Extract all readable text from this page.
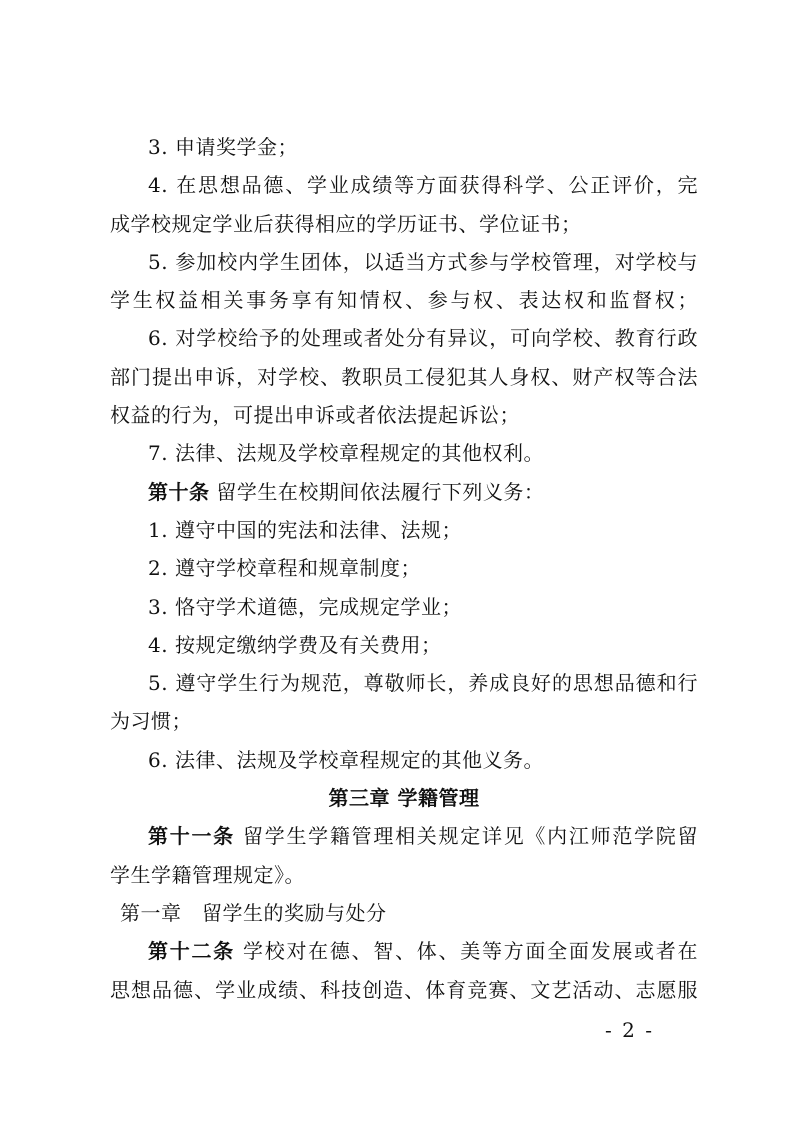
3. 申请奖学金；
4. 在思想品德、学业成绩等方面获得科学、公正评价，完
成学校规定学业后获得相应的学历证书、学位证书；
5. 参加校内学生团体，以适当方式参与学校管理，对学校与
学生权益相关事务享有知情权、参与权、表达权和监督权；
6. 对学校给予的处理或者处分有异议，可向学校、教育行政
部门提出申诉，对学校、教职员工侵犯其人身权、财产权等合法
权益的行为，可提出申诉或者依法提起诉讼；
7. 法律、法规及学校章程规定的其他权利。
第十条 留学生在校期间依法履行下列义务：
1. 遵守中国的宪法和法律、法规；
2. 遵守学校章程和规章制度；
3. 恪守学术道德，完成规定学业；
4. 按规定缴纳学费及有关费用；
5. 遵守学生行为规范，尊敬师长，养成良好的思想品德和行
为习惯；
6. 法律、法规及学校章程规定的其他义务。
第三章 学籍管理
第十一条 留学生学籍管理相关规定详见《内江师范学院留
学生学籍管理规定》。
第一章　留学生的奖励与处分
第十二条 学校对在德、智、体、美等方面全面发展或者在
思想品德、学业成绩、科技创造、体育竞赛、文艺活动、志愿服
- 2 -
